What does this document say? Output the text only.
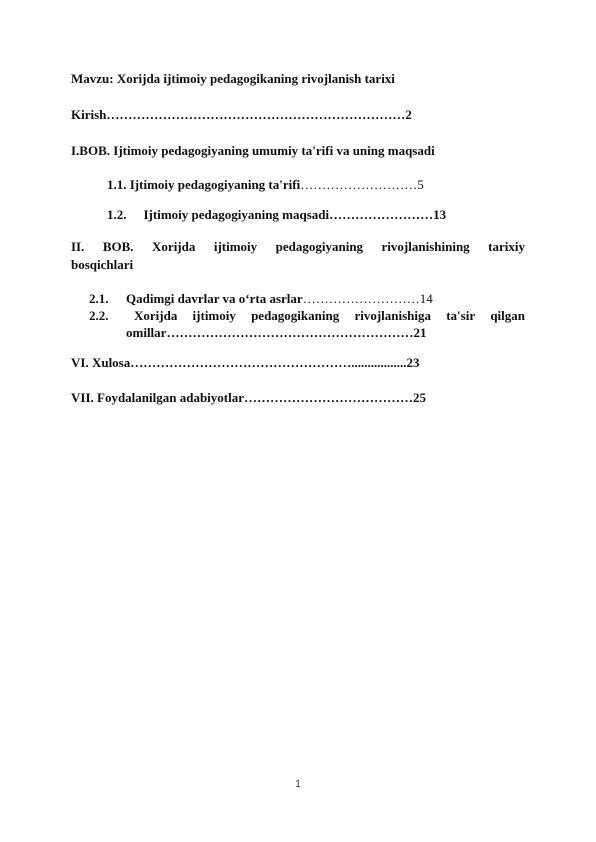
Mavzu: Xorijda ijtimoiy pedagogikaning rivojlanish tarixi
Kirish……………………………………………………………2
I.BOB. Ijtimoiy pedagogiyaning umumiy ta'rifi va uning maqsadi
1.1. Ijtimoiy pedagogiyaning ta'rifi………………………5
1.2. Ijtimoiy pedagogiyaning maqsadi……………………13
II. BOB. Xorijda ijtimoiy pedagogiyaning rivojlanishining tarixiy
bosqichlari
2.1. Qadimgi davrlar va o‘rta asrlar………………………14
2.2. Xorijda ijtimoiy pedagogikaning rivojlanishiga ta'sir qilgan
omillar…………………………………………………21
VI. Xulosa…………………………………………….................23
VII. Foydalanilgan adabiyotlar…………………………………25
1
